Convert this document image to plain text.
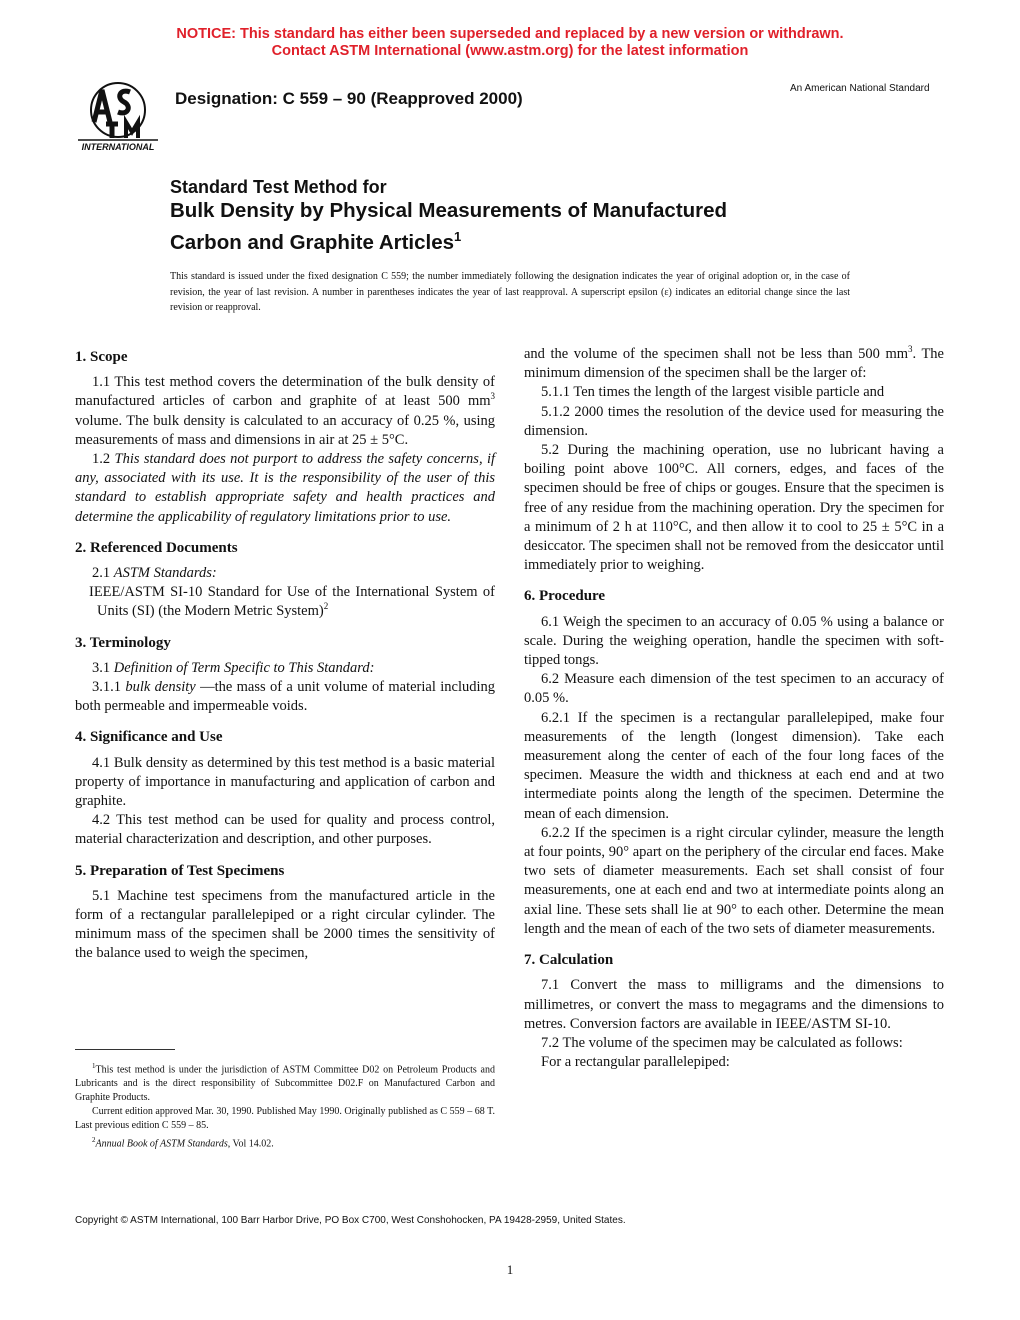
NOTICE: This standard has either been superseded and replaced by a new version or withdrawn.
Contact ASTM International (www.astm.org) for the latest information
INTERNATIONAL
Designation: C 559 – 90 (Reapproved 2000)
An American National Standard
Standard Test Method for
Bulk Density by Physical Measurements of Manufactured
Carbon and Graphite Articles$^1$
This standard is issued under the fixed designation C 559; the number immediately following the designation indicates the year of original adoption or, in the case of revision, the year of last revision. A number in parentheses indicates the year of last reapproval. A superscript epsilon (ε) indicates an editorial change since the last revision or reapproval.
1. Scope

1.1 This test method covers the determination of the bulk density of manufactured articles of carbon and graphite of at least 500 $mm^3$ volume. The bulk density is calculated to an accuracy of 0.25 %, using measurements of mass and dimensions in air at 25 ± 5°C.

1.2 This standard does not purport to address the safety concerns, if any, associated with its use. It is the responsibility of the user of this standard to establish appropriate safety and health practices and determine the applicability of regulatory limitations prior to use.

2. Referenced Documents

2.1 ASTM Standards:

IEEE/ASTM SI-10 Standard for Use of the International System of Units (SI) (the Modern Metric System)$^2$

3. Terminology

3.1 Definition of Term Specific to This Standard:

3.1.1 bulk density —the mass of a unit volume of material including both permeable and impermeable voids.

4. Significance and Use

4.1 Bulk density as determined by this test method is a basic material property of importance in manufacturing and application of carbon and graphite.

4.2 This test method can be used for quality and process control, material characterization and description, and other purposes.

5. Preparation of Test Specimens

5.1 Machine test specimens from the manufactured article in the form of a rectangular parallelepiped or a right circular cylinder. The minimum mass of the specimen shall be 2000 times the sensitivity of the balance used to weigh the specimen,

$^1$This test method is under the jurisdiction of ASTM Committee D02 on Petroleum Products and Lubricants and is the direct responsibility of Subcommittee D02.F on Manufactured Carbon and Graphite Products.

Current edition approved Mar. 30, 1990. Published May 1990. Originally published as C 559 – 68 T. Last previous edition C 559 – 85.

$^2$Annual Book of ASTM Standards, Vol 14.02.

and the volume of the specimen shall not be less than 500 $mm^3$. The minimum dimension of the specimen shall be the larger of:

5.1.1 Ten times the length of the largest visible particle and

5.1.2 2000 times the resolution of the device used for measuring the dimension.

5.2 During the machining operation, use no lubricant having a boiling point above 100°C. All corners, edges, and faces of the specimen should be free of chips or gouges. Ensure that the specimen is free of any residue from the machining operation. Dry the specimen for a minimum of 2 h at 110°C, and then allow it to cool to 25 ± 5°C in a desiccator. The specimen shall not be removed from the desiccator until immediately prior to weighing.

6. Procedure

6.1 Weigh the specimen to an accuracy of 0.05 % using a balance or scale. During the weighing operation, handle the specimen with soft-tipped tongs.

6.2 Measure each dimension of the test specimen to an accuracy of 0.05 %.

6.2.1 If the specimen is a rectangular parallelepiped, make four measurements of the length (longest dimension). Take each measurement along the center of each of the four long faces of the specimen. Measure the width and thickness at each end and at two intermediate points along the length of the specimen. Determine the mean of each dimension.

6.2.2 If the specimen is a right circular cylinder, measure the length at four points, 90° apart on the periphery of the circular end faces. Make two sets of diameter measurements. Each set shall consist of four measurements, one at each end and two at intermediate points along an axial line. These sets shall lie at 90° to each other. Determine the mean length and the mean of each of the two sets of diameter measurements.

7. Calculation

7.1 Convert the mass to milligrams and the dimensions to millimetres, or convert the mass to megagrams and the dimensions to metres. Conversion factors are available in IEEE/ASTM SI-10.

7.2 The volume of the specimen may be calculated as follows:

For a rectangular parallelepiped:

Copyright © ASTM International, 100 Barr Harbor Drive, PO Box C700, West Conshohocken, PA 19428-2959, United States.
1
